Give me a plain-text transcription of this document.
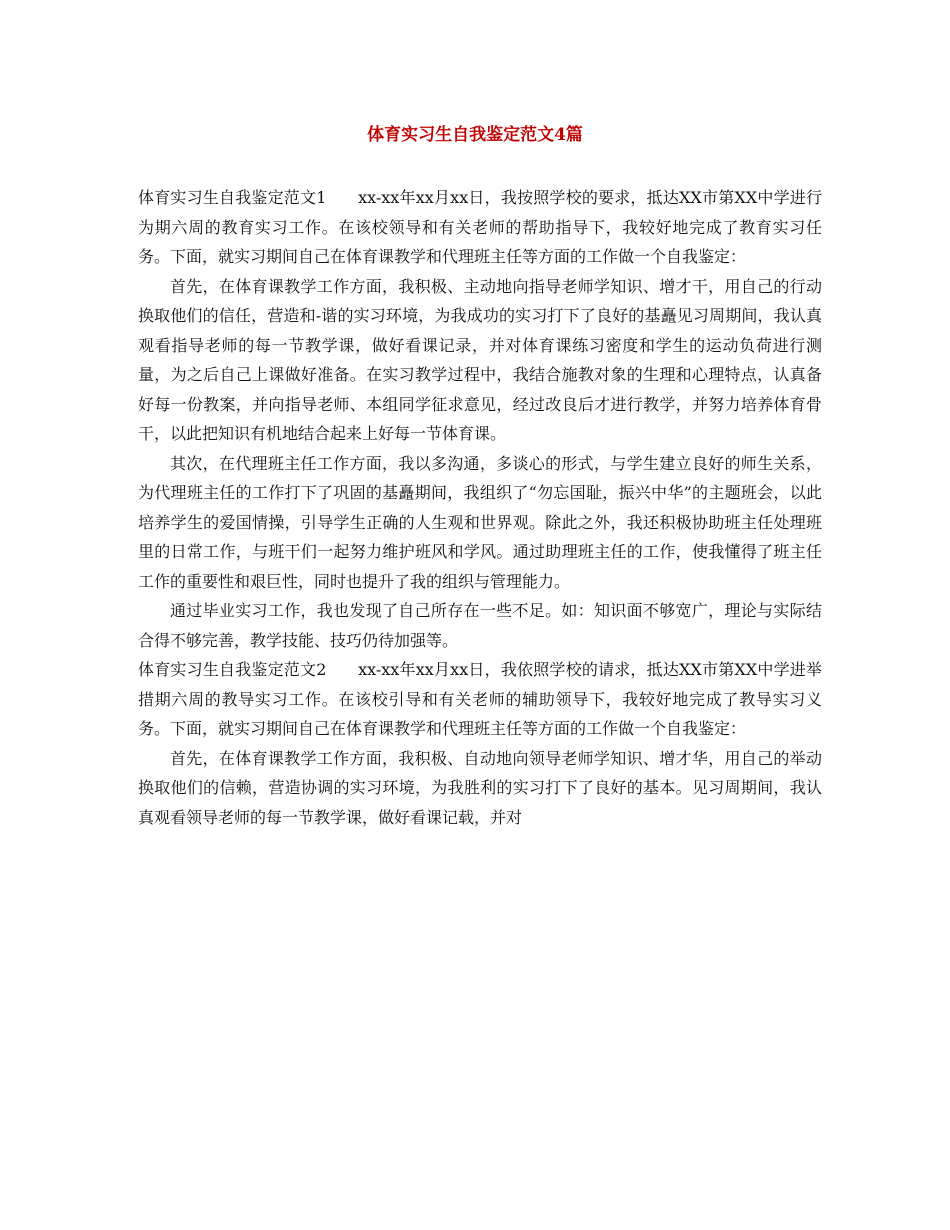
体育实习生自我鉴定范文4篇

体育实习生自我鉴定范文1 xx-xx年xx月xx日，我按照学校的要求，抵达XX市第XX中学进行为期六周的教育实习工作。在该校领导和有关老师的帮助指导下，我较好地完成了教育实习任务。下面，就实习期间自己在体育课教学和代理班主任等方面的工作做一个自我鉴定：

首先，在体育课教学工作方面，我积极、主动地向指导老师学知识、增才干，用自己的行动换取他们的信任，营造和-谐的实习环境，为我成功的实习打下了良好的基矗见习周期间，我认真观看指导老师的每一节教学课，做好看课记录，并对体育课练习密度和学生的运动负荷进行测量，为之后自己上课做好准备。在实习教学过程中，我结合施教对象的生理和心理特点，认真备好每一份教案，并向指导老师、本组同学征求意见，经过改良后才进行教学，并努力培养体育骨干，以此把知识有机地结合起来上好每一节体育课。

其次，在代理班主任工作方面，我以多沟通，多谈心的形式，与学生建立良好的师生关系，为代理班主任的工作打下了巩固的基矗期间，我组织了“勿忘国耻，振兴中华”的主题班会，以此培养学生的爱国情操，引导学生正确的人生观和世界观。除此之外，我还积极协助班主任处理班里的日常工作，与班干们一起努力维护班风和学风。通过助理班主任的工作，使我懂得了班主任工作的重要性和艰巨性，同时也提升了我的组织与管理能力。

通过毕业实习工作，我也发现了自己所存在一些不足。如：知识面不够宽广，理论与实际结合得不够完善，教学技能、技巧仍待加强等。

体育实习生自我鉴定范文2 xx-xx年xx月xx日，我依照学校的请求，抵达XX市第XX中学进举措期六周的教导实习工作。在该校引导和有关老师的辅助领导下，我较好地完成了教导实习义务。下面，就实习期间自己在体育课教学和代理班主任等方面的工作做一个自我鉴定：

首先，在体育课教学工作方面，我积极、自动地向领导老师学知识、增才华，用自己的举动换取他们的信赖，营造协调的实习环境，为我胜利的实习打下了良好的基本。见习周期间，我认真观看领导老师的每一节教学课，做好看课记载，并对
